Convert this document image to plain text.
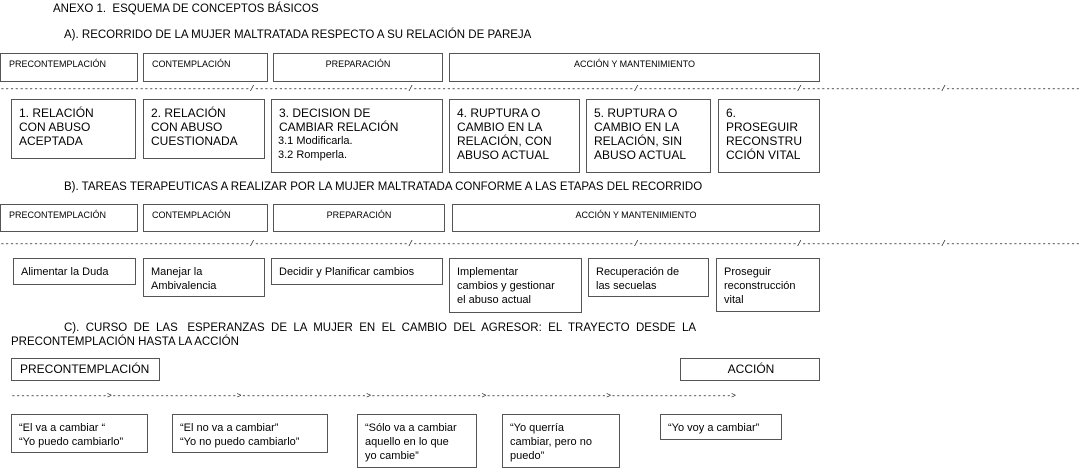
ANEXO 1.  ESQUEMA DE CONCEPTOS BÁSICOS
A). RECORRIDO DE LA MUJER MALTRATADA RESPECTO A SU RELACIÓN DE PAREJA
PRECONTEMPLACIÓN	CONTEMPLACIÓN	PREPARACIÓN	ACCIÓN Y MANTENIMIENTO
----------------------------------------------------/--------------------------------/----------------------------------------------/---------------------------------/-----------------------------/----------------------------
1. RELACIÓN
CON ABUSO
ACEPTADA
2. RELACIÓN
CON ABUSO
CUESTIONADA
3. DECISION DE
CAMBIAR RELACIÓN
3.1 Modificarla.
3.2 Romperla.
4. RUPTURA O
CAMBIO EN LA
RELACIÓN, CON
ABUSO ACTUAL
5. RUPTURA O
CAMBIO EN LA
RELACIÓN, SIN
ABUSO ACTUAL
6.
PROSEGUIR
RECONSTRU
CCIÓN VITAL
B). TAREAS TERAPEUTICAS A REALIZAR POR LA MUJER MALTRATADA CONFORME A LAS ETAPAS DEL RECORRIDO
PRECONTEMPLACIÓN	CONTEMPLACIÓN	PREPARACIÓN	ACCIÓN Y MANTENIMIENTO
----------------------------------------------------/--------------------------------/----------------------------------------------/---------------------------------/-----------------------------/----------------------------
Alimentar la Duda	Manejar la
Ambivalencia
Decidir y Planificar cambios	Implementar
cambios y gestionar
el abuso actual
Recuperación de
las secuelas
Proseguir
reconstrucción
vital
C).  CURSO  DE  LAS   ESPERANZAS  DE  LA  MUJER  EN  EL  CAMBIO  DEL  AGRESOR:  EL  TRAYECTO  DESDE  LA
PRECONTEMPLACIÓN HASTA LA ACCIÓN
PRECONTEMPLACIÓN	ACCIÓN
-------------------->-------------------------->-------------------------->----------------------->------------------------->------------------------->
“El va a cambiar “
“Yo puedo cambiarlo”
“El no va a cambiar”
“Yo no puedo cambiarlo”
“Sólo va a cambiar
aquello en lo que
yo cambie”
“Yo querría
cambiar, pero no
puedo”
“Yo voy a cambiar”
